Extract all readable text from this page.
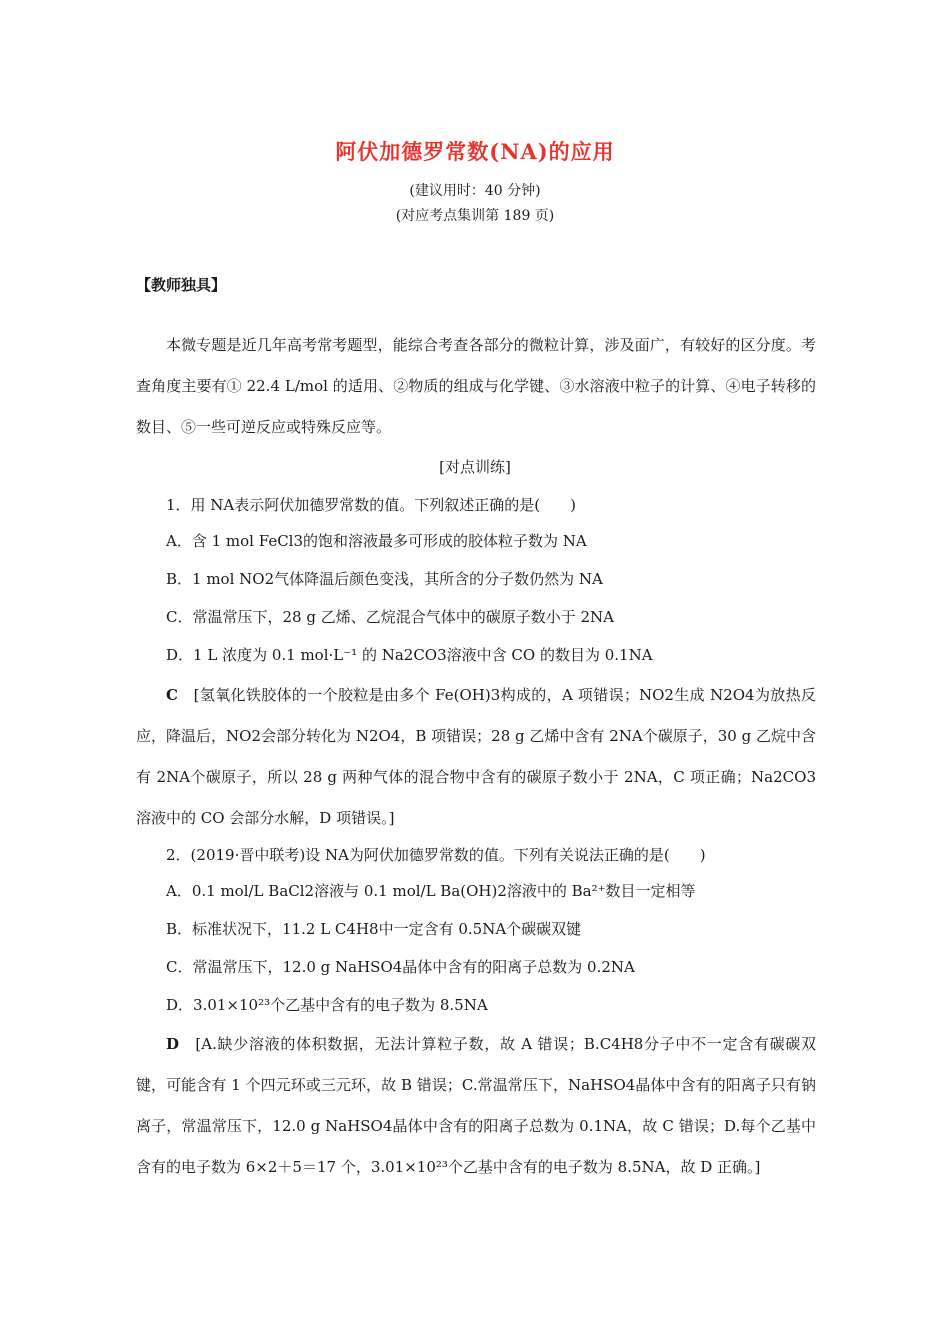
阿伏加德罗常数(NA)的应用
(建议用时：40 分钟)
(对应考点集训第 189 页)
【教师独具】
本微专题是近几年高考常考题型，能综合考查各部分的微粒计算，涉及面广，有较好的区分度。考查角度主要有① 22.4 L/mol 的适用、②物质的组成与化学键、③水溶液中粒子的计算、④电子转移的数目、⑤一些可逆反应或特殊反应等。
[对点训练]
1．用 NA表示阿伏加德罗常数的值。下列叙述正确的是(　　)
A．含 1 mol FeCl3的饱和溶液最多可形成的胶体粒子数为 NA
B．1 mol NO2气体降温后颜色变浅，其所含的分子数仍然为 NA
C．常温常压下，28 g 乙烯、乙烷混合气体中的碳原子数小于 2NA
D．1 L 浓度为 0.1 mol·L⁻¹ 的 Na2CO3溶液中含 CO 的数目为 0.1NA
C　 [氢氧化铁胶体的一个胶粒是由多个 Fe(OH)3构成的，A 项错误；NO2生成 N2O4为放热反应，降温后，NO2会部分转化为 N2O4，B 项错误；28 g 乙烯中含有 2NA个碳原子，30 g 乙烷中含有 2NA个碳原子，所以 28 g 两种气体的混合物中含有的碳原子数小于 2NA，C 项正确；Na2CO3溶液中的 CO 会部分水解，D 项错误。]
2．(2019·晋中联考)设 NA为阿伏加德罗常数的值。下列有关说法正确的是(　　)
A．0.1 mol/L BaCl2溶液与 0.1 mol/L Ba(OH)2溶液中的 Ba²⁺数目一定相等
B．标准状况下，11.2 L C4H8中一定含有 0.5NA个碳碳双键
C．常温常压下，12.0 g NaHSO4晶体中含有的阳离子总数为 0.2NA
D．3.01×10²³个乙基中含有的电子数为 8.5NA
D　 [A.缺少溶液的体积数据，无法计算粒子数，故 A 错误；B.C4H8分子中不一定含有碳碳双键，可能含有 1 个四元环或三元环，故 B 错误；C.常温常压下，NaHSO4晶体中含有的阳离子只有钠离子，常温常压下，12.0 g NaHSO4晶体中含有的阳离子总数为 0.1NA，故 C 错误；D.每个乙基中含有的电子数为 6×2＋5＝17 个，3.01×10²³个乙基中含有的电子数为 8.5NA，故 D 正确。]
